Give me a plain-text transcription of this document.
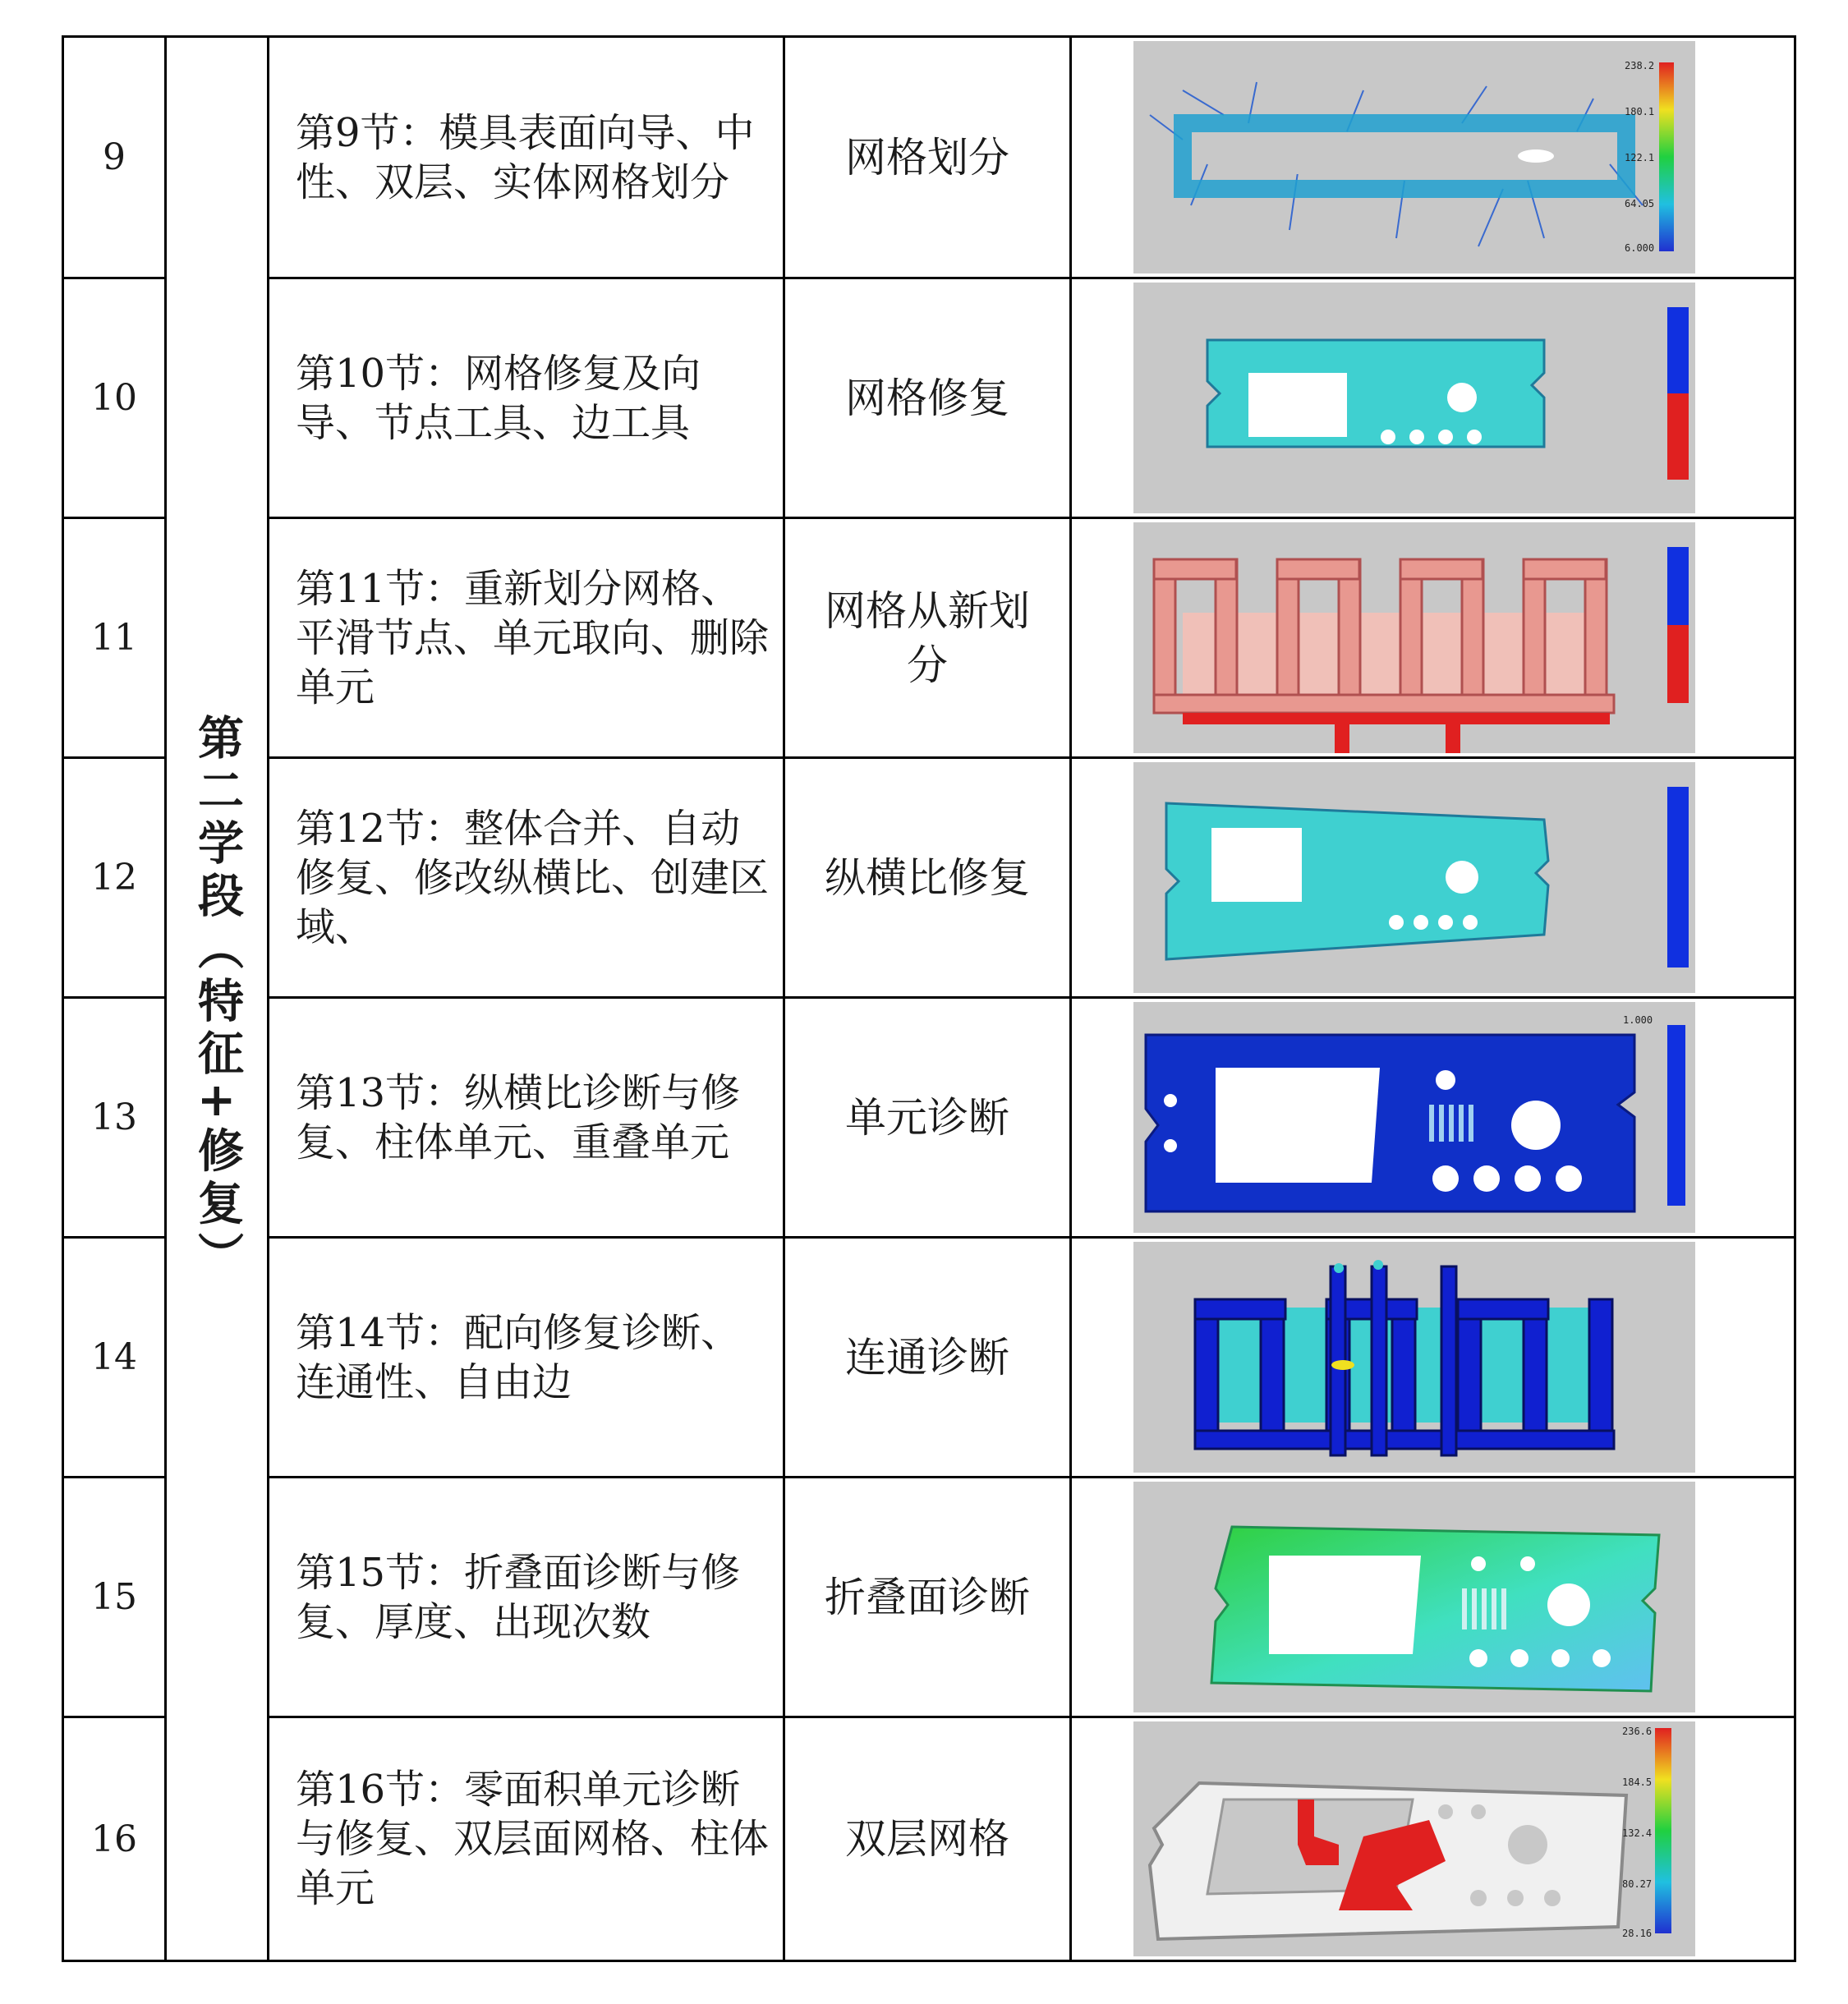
第二学段（特征+修复）
9
第9节：模具表面向导、中性、双层、实体网格划分
网格划分
10
第10节：网格修复及向导、节点工具、边工具
网格修复
11
第11节：重新划分网格、平滑节点、单元取向、删除单元
网格从新划分
12
第12节：整体合并、自动修复、修改纵横比、创建区域、
纵横比修复
13
第13节：纵横比诊断与修复、柱体单元、重叠单元
单元诊断
14
第14节：配向修复诊断、连通性、自由边
连通诊断
15
第15节：折叠面诊断与修复、厚度、出现次数
折叠面诊断
16
第16节：零面积单元诊断与修复、双层面网格、柱体单元
双层网格
238.2
180.1
122.1
64.05
6.000
1.000
236.6
184.5
132.4
80.27
28.16
